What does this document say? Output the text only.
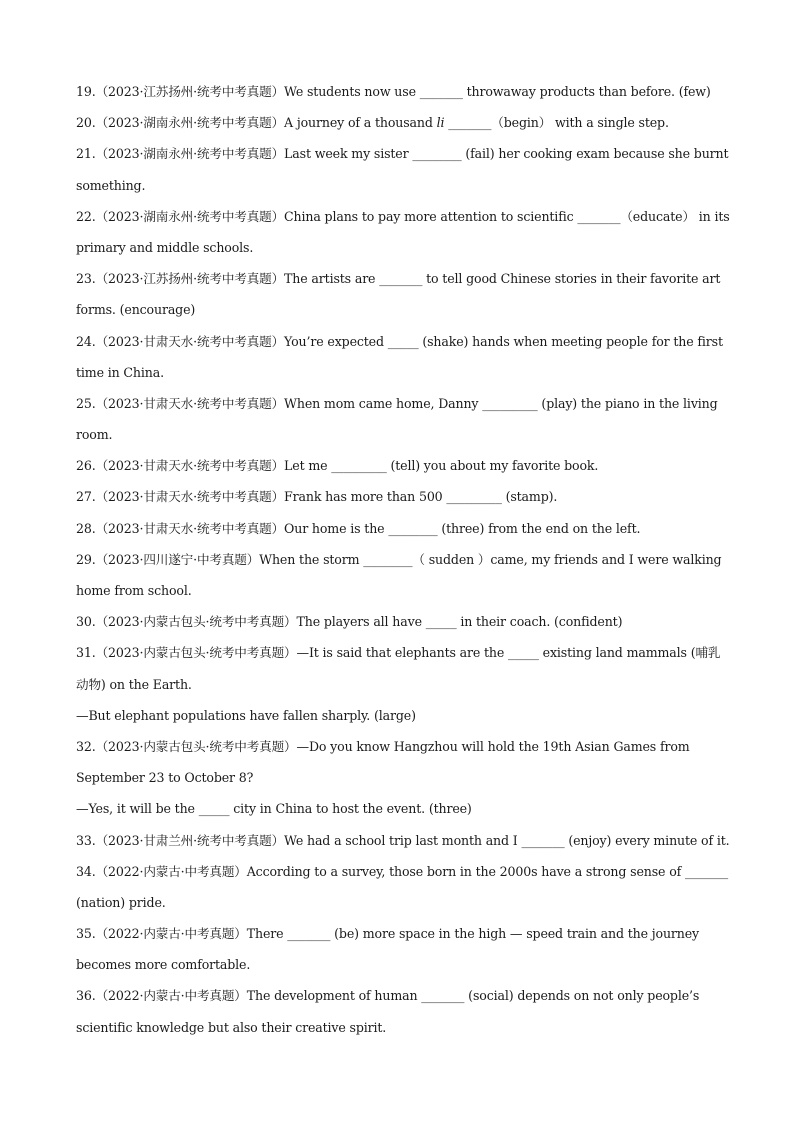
19.（2023·江苏扬州·统考中考真题）We students now use _______ throwaway products than before. (few)
20.（2023·湖南永州·统考中考真题）A journey of a thousand li _______（begin） with a single step.
21.（2023·湖南永州·统考中考真题）Last week my sister ________ (fail) her cooking exam because she burnt
something.
22.（2023·湖南永州·统考中考真题）China plans to pay more attention to scientific _______（educate） in its
primary and middle schools.
23.（2023·江苏扬州·统考中考真题）The artists are _______ to tell good Chinese stories in their favorite art
forms. (encourage)
24.（2023·甘肃天水·统考中考真题）You’re expected _____ (shake) hands when meeting people for the first
time in China.
25.（2023·甘肃天水·统考中考真题）When mom came home, Danny _________ (play) the piano in the living
room.
26.（2023·甘肃天水·统考中考真题）Let me _________ (tell) you about my favorite book.
27.（2023·甘肃天水·统考中考真题）Frank has more than 500 _________ (stamp).
28.（2023·甘肃天水·统考中考真题）Our home is the ________ (three) from the end on the left.
29.（2023·四川遂宁·中考真题）When the storm ________（ sudden ）came, my friends and I were walking
home from school.
30.（2023·内蒙古包头·统考中考真题）The players all have _____ in their coach. (confident)
31.（2023·内蒙古包头·统考中考真题）—It is said that elephants are the _____ existing land mammals (哺乳
动物) on the Earth.
—But elephant populations have fallen sharply. (large)
32.（2023·内蒙古包头·统考中考真题）—Do you know Hangzhou will hold the 19th Asian Games from
September 23 to October 8?
—Yes, it will be the _____ city in China to host the event. (three)
33.（2023·甘肃兰州·统考中考真题）We had a school trip last month and I _______ (enjoy) every minute of it.
34.（2022·内蒙古·中考真题）According to a survey, those born in the 2000s have a strong sense of _______
(nation) pride.
35.（2022·内蒙古·中考真题）There _______ (be) more space in the high — speed train and the journey
becomes more comfortable.
36.（2022·内蒙古·中考真题）The development of human _______ (social) depends on not only people’s
scientific knowledge but also their creative spirit.
